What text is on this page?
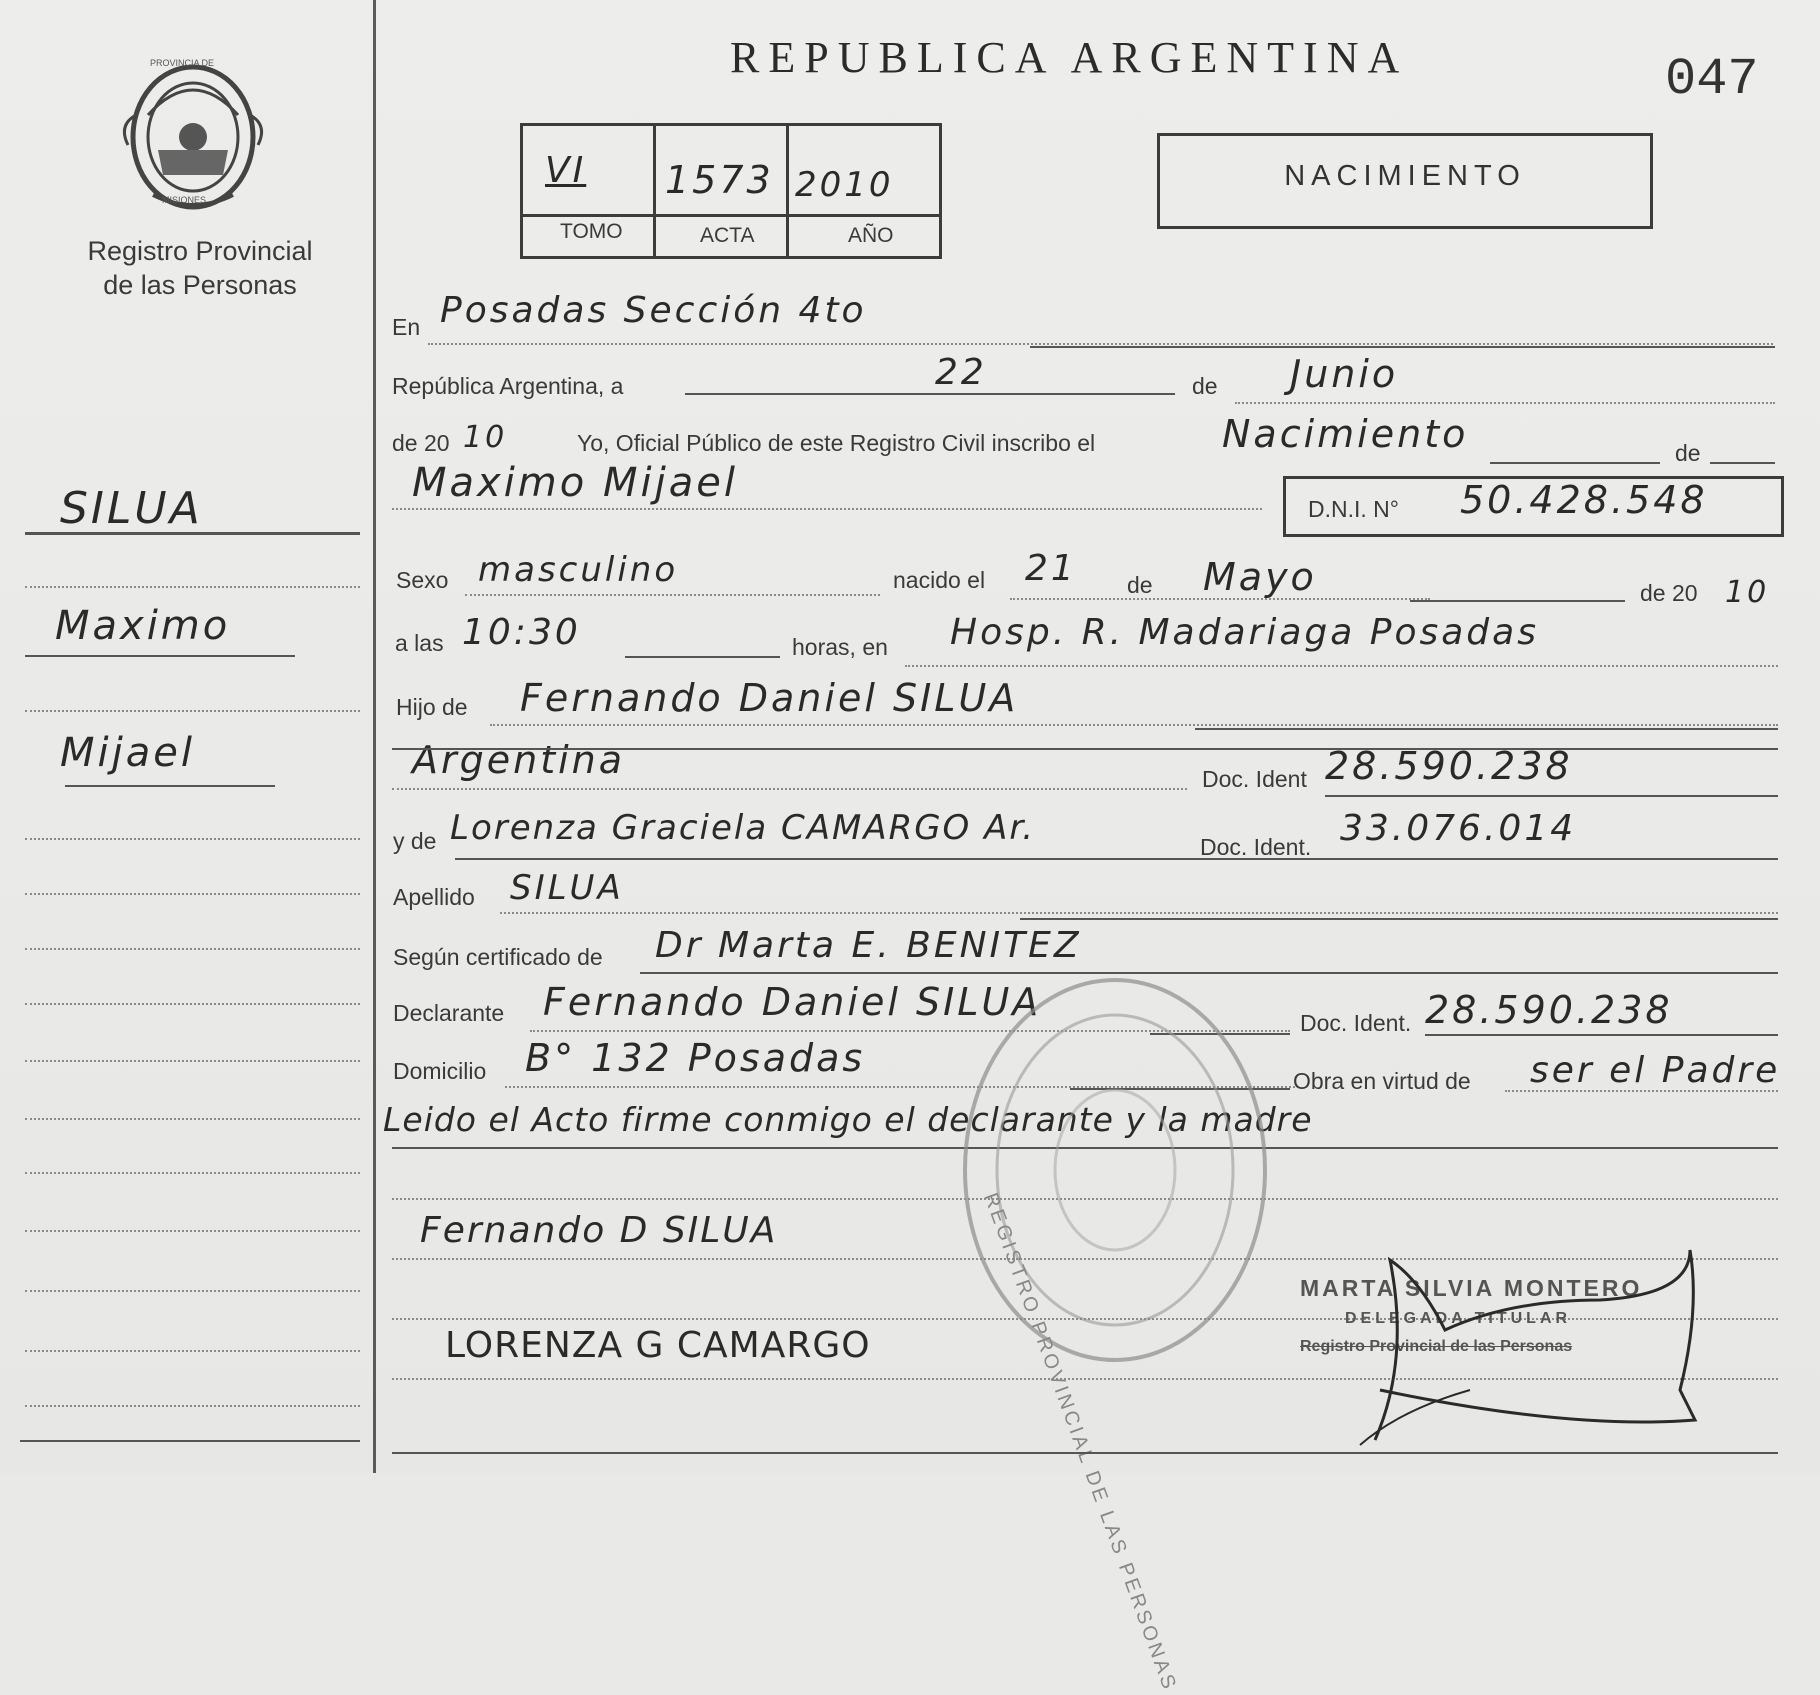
PROVINCIA DE
MISIONES
Registro Provincial
de las Personas
SILUA
Maximo
Mijael
REPUBLICA ARGENTINA	047
VI 1573 2010
TOMO	ACTA	AÑO
NACIMIENTO
En Posadas Sección 4to
República Argentina, a	22	de Junio
de 20 10	Yo, Oficial Público de este Registro Civil inscribo el	Nacimiento	de
Maximo Mijael
D.N.I. N° 50.428.548
Sexo masculino	nacido el 21 de Mayo	de 20 10
a las 10:30	horas, en Hosp. R. Madariaga Posadas
Hijo de Fernando Daniel SILUA
Argentina	Doc. Ident 28.590.238
y de Lorenza Graciela CAMARGO Ar.	Doc. Ident. 33.076.014
Apellido SILUA
Según certificado de Dr Marta E. BENITEZ
Declarante Fernando Daniel SILUA	Doc. Ident. 28.590.238
Domicilio B° 132 Posadas
Obra en virtud de ser el Padre
Leido el Acto firme conmigo el declarante y la madre
REGISTRO PROVINCIAL DE LAS PERSONAS
Fernando D SILUA
LORENZA G CAMARGO
MARTA SILVIA MONTERO
DELEGADA TITULAR
Registro Provincial de las Personas
